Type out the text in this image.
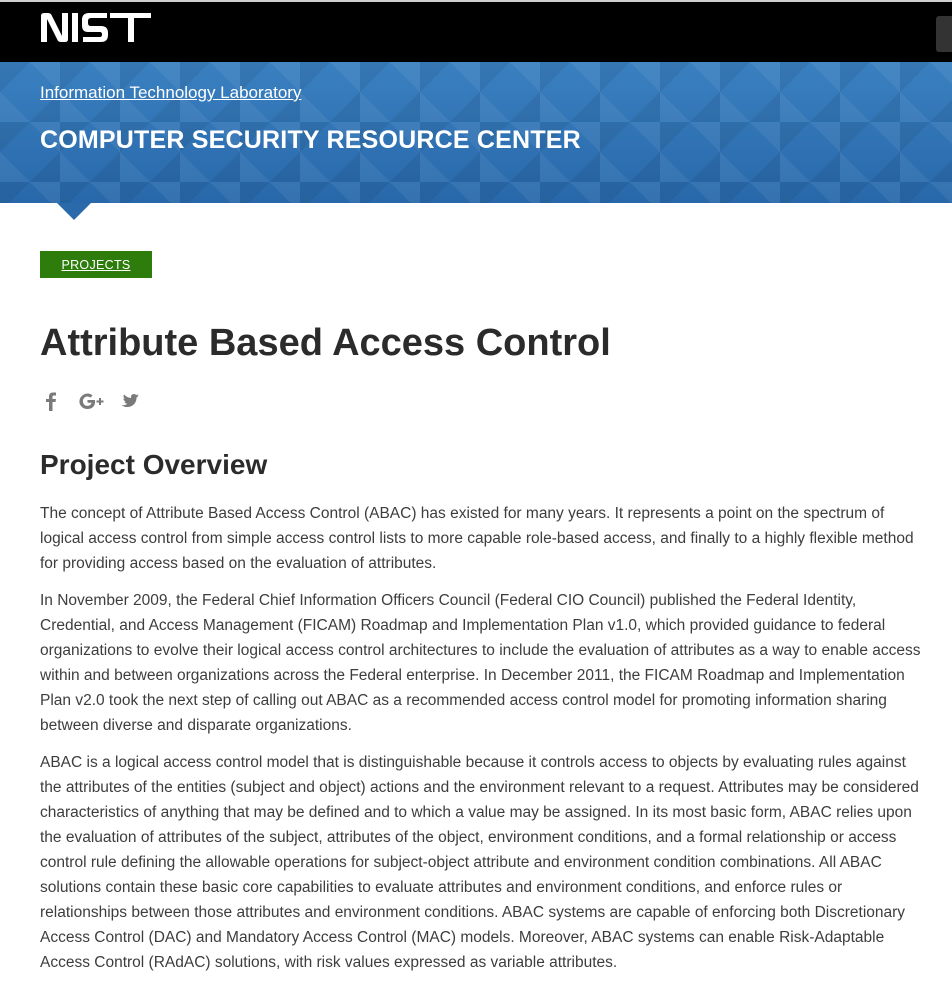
Information Technology Laboratory
COMPUTER SECURITY RESOURCE CENTER
PROJECTS
Attribute Based Access Control
Project Overview

The concept of Attribute Based Access Control (ABAC) has existed for many years. It represents a point on the spectrum of logical access control from simple access control lists to more capable role-based access, and finally to a highly flexible method for providing access based on the evaluation of attributes.

In November 2009, the Federal Chief Information Officers Council (Federal CIO Council) published the Federal Identity, Credential, and Access Management (FICAM) Roadmap and Implementation Plan v1.0, which provided guidance to federal organizations to evolve their logical access control architectures to include the evaluation of attributes as a way to enable access within and between organizations across the Federal enterprise. In December 2011, the FICAM Roadmap and Implementation Plan v2.0 took the next step of calling out ABAC as a recommended access control model for promoting information sharing between diverse and disparate organizations.

ABAC is a logical access control model that is distinguishable because it controls access to objects by evaluating rules against the attributes of the entities (subject and object) actions and the environment relevant to a request. Attributes may be considered characteristics of anything that may be defined and to which a value may be assigned. In its most basic form, ABAC relies upon the evaluation of attributes of the subject, attributes of the object, environment conditions, and a formal relationship or access control rule defining the allowable operations for subject-object attribute and environment condition combinations. All ABAC solutions contain these basic core capabilities to evaluate attributes and environment conditions, and enforce rules or relationships between those attributes and environment conditions. ABAC systems are capable of enforcing both Discretionary Access Control (DAC) and Mandatory Access Control (MAC) models. Moreover, ABAC systems can enable Risk-Adaptable Access Control (RAdAC) solutions, with risk values expressed as variable attributes.
